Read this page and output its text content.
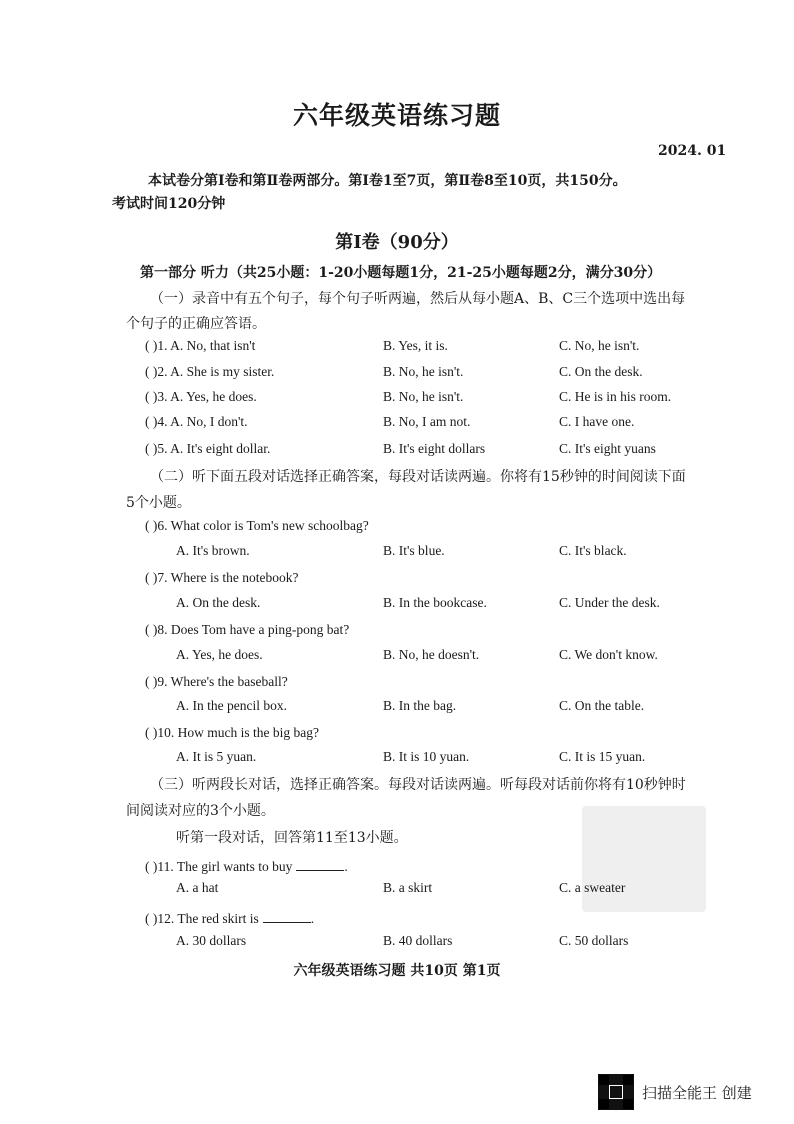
六年级英语练习题
2024. 01
本试卷分第Ⅰ卷和第Ⅱ卷两部分。第Ⅰ卷1至7页，第Ⅱ卷8至10页，共150分。
考试时间120分钟
第Ⅰ卷（90分）
第一部分 听力（共25小题：1-20小题每题1分，21-25小题每题2分，满分30分）
（一）录音中有五个句子，每个句子听两遍，然后从每小题A、B、C三个选项中选出每
个句子的正确应答语。
( )1. A. No, that isn't	B. Yes, it is.	C. No, he isn't.
( )2. A. She is my sister.	B. No, he isn't.	C. On the desk.
( )3. A. Yes, he does.	B. No, he isn't.	C. He is in his room.
( )4. A. No, I don't.	B. No, I am not.	C. I have one.
( )5. A. It's eight dollar.	B. It's eight dollars	C. It's eight yuans
（二）听下面五段对话选择正确答案，每段对话读两遍。你将有15秒钟的时间阅读下面
5个小题。
( )6. What color is Tom's new schoolbag?
A. It's brown.	B. It's blue.	C. It's black.
( )7. Where is the notebook?
A. On the desk.	B. In the bookcase.	C. Under the desk.
( )8. Does Tom have a ping-pong bat?
A. Yes, he does.	B. No, he doesn't.	C. We don't know.
( )9. Where's the baseball?
A. In the pencil box.	B. In the bag.	C. On the table.
( )10. How much is the big bag?
A. It is 5 yuan.	B. It is 10 yuan.	C. It is 15 yuan.
（三）听两段长对话，选择正确答案。每段对话读两遍。听每段对话前你将有10秒钟时
间阅读对应的3个小题。
听第一段对话，回答第11至13小题。
( )11. The girl wants to buy	.
A. a hat	B. a skirt	C. a sweater
( )12. The red skirt is	.
A. 30 dollars	B. 40 dollars	C. 50 dollars
六年级英语练习题 共10页 第1页
扫描全能王 创建
